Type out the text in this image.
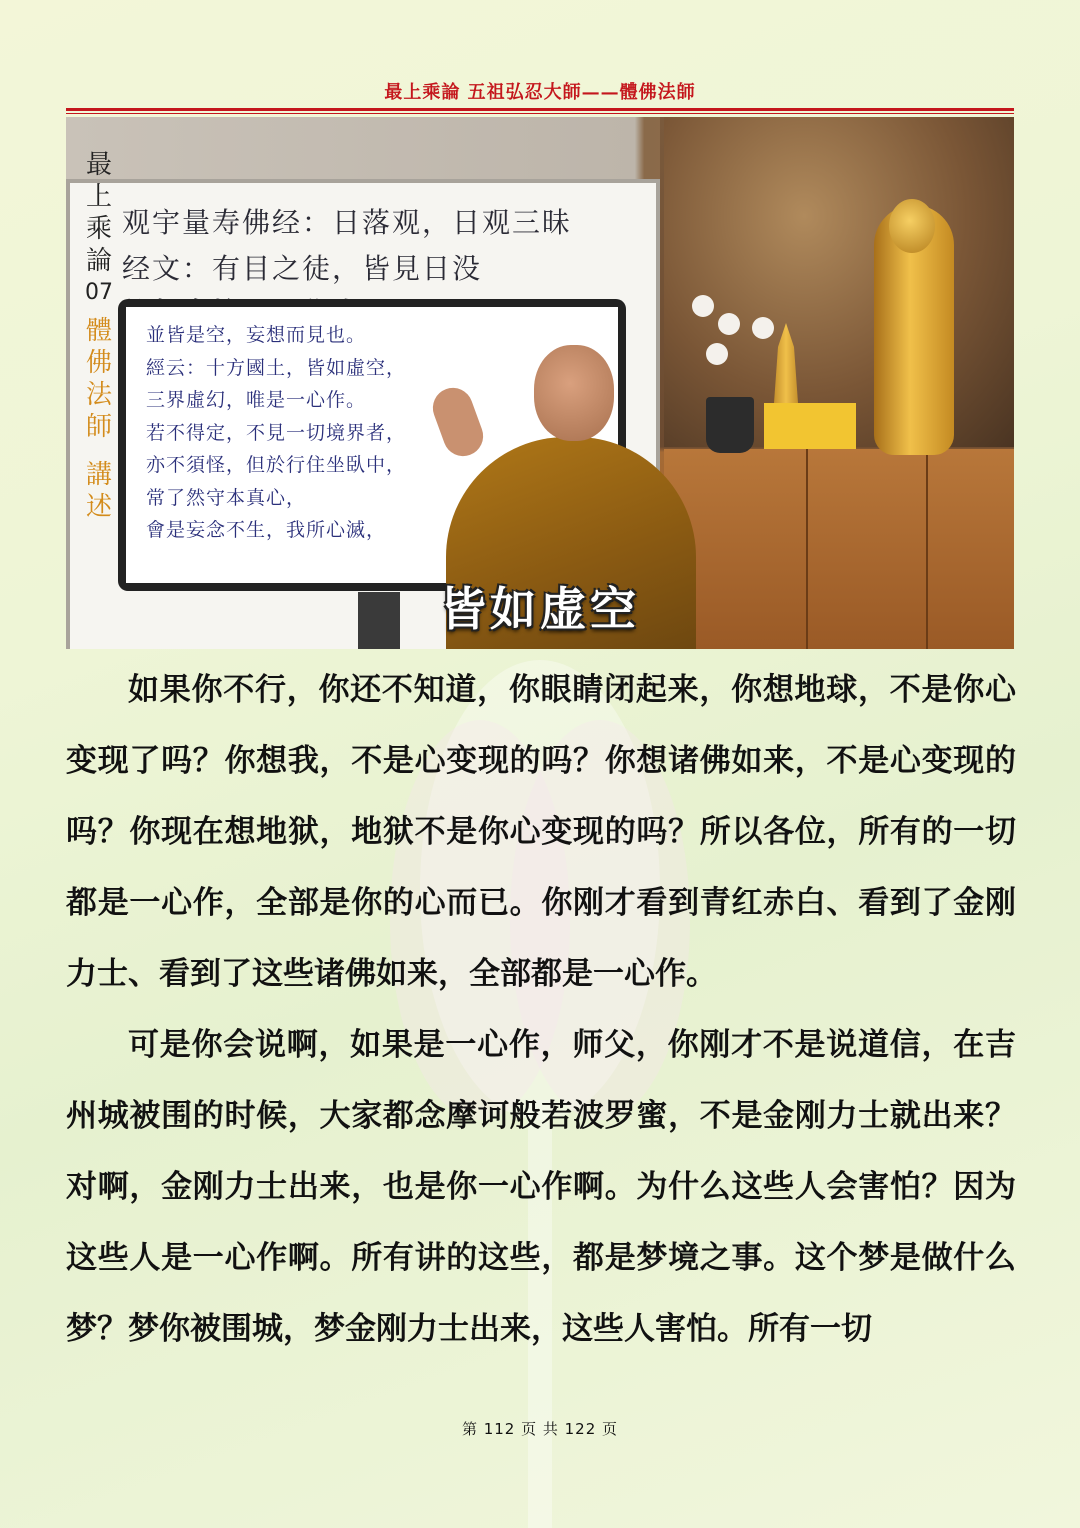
最上乘論 五祖弘忍大師——體佛法師
观宇量寿佛经：日落观，日观三昧
经文：有目之徒，皆見日没
最
上
乘
論
07
體
佛
法
師
講
述
並皆是空，妄想而見也。
經云：十方國土，皆如虛空，
三界虛幻，唯是一心作。
若不得定，不見一切境界者，
亦不須怪，但於行住坐臥中，
常了然守本真心，
會是妄念不生，我所心滅，
皆如虚空

如果你不行，你还不知道，你眼睛闭起来，你想地球，不是你心变现了吗？你想我，不是心变现的吗？你想诸佛如来，不是心变现的吗？你现在想地狱，地狱不是你心变现的吗？所以各位，所有的一切都是一心作，全部是你的心而已。你刚才看到青红赤白、看到了金刚力士、看到了这些诸佛如来，全部都是一心作。

可是你会说啊，如果是一心作，师父，你刚才不是说道信，在吉州城被围的时候，大家都念摩诃般若波罗蜜，不是金刚力士就出来？对啊，金刚力士出来，也是你一心作啊。为什么这些人会害怕？因为这些人是一心作啊。所有讲的这些，都是梦境之事。这个梦是做什么梦？梦你被围城，梦金刚力士出来，这些人害怕。所有一切

第 112 页 共 122 页
